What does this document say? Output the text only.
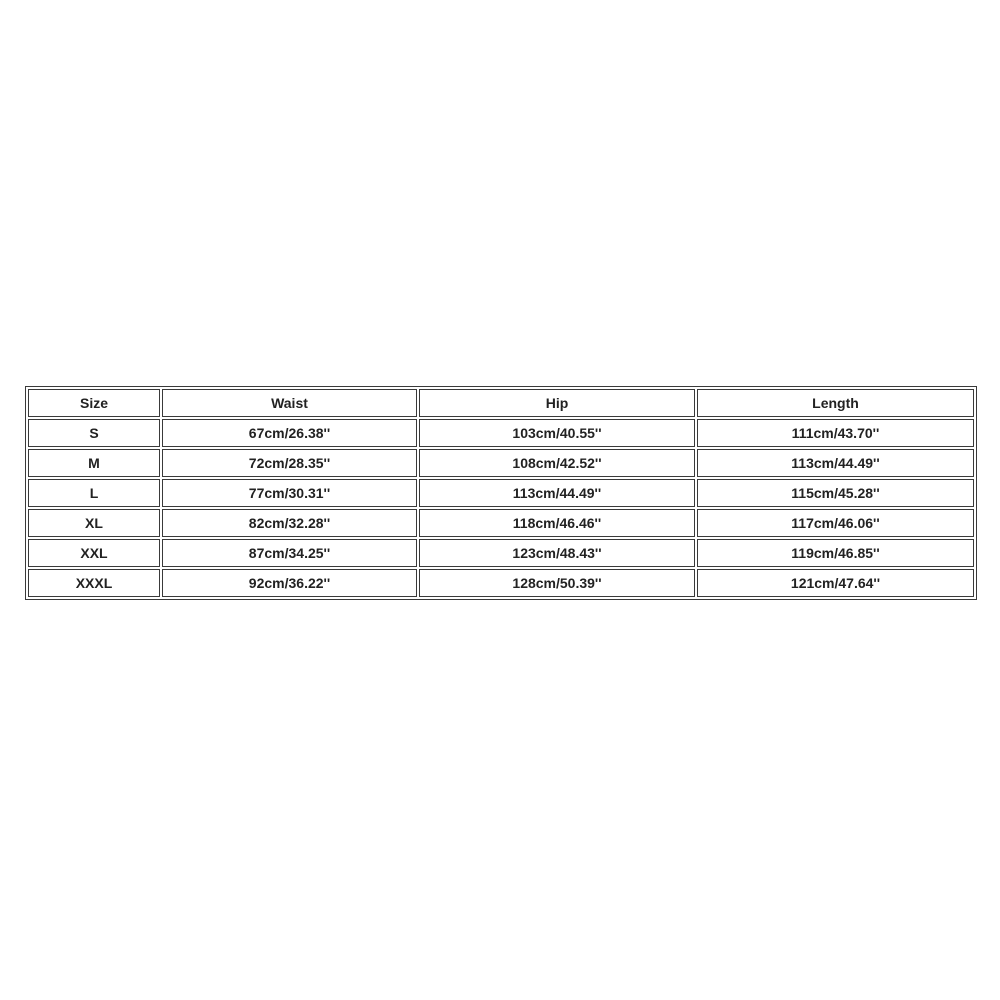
Size	Waist	Hip	Length
S	67cm/26.38''	103cm/40.55''	111cm/43.70''
M	72cm/28.35''	108cm/42.52''	113cm/44.49''
L	77cm/30.31''	113cm/44.49''	115cm/45.28''
XL	82cm/32.28''	118cm/46.46''	117cm/46.06''
XXL	87cm/34.25''	123cm/48.43''	119cm/46.85''
XXXL	92cm/36.22''	128cm/50.39''	121cm/47.64''
